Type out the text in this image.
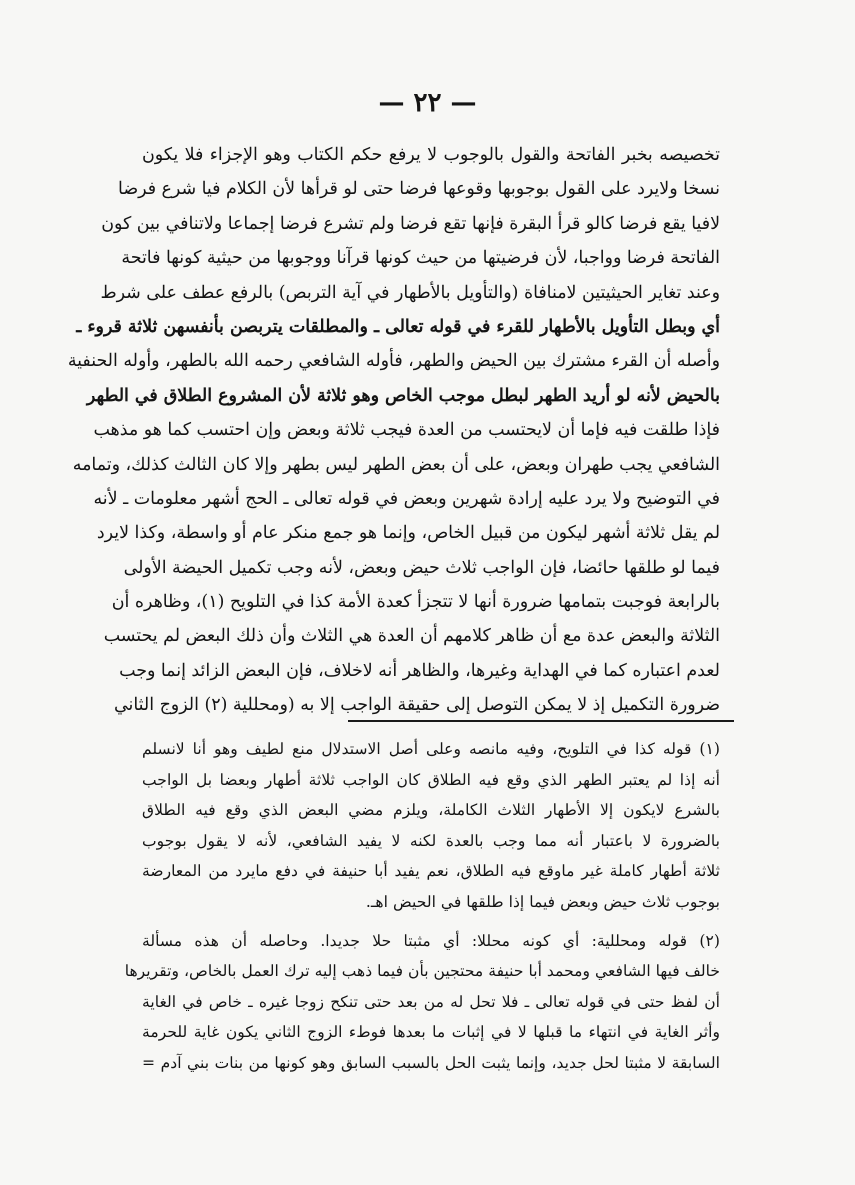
— ٢٢ —
تخصيصه بخبر الفاتحة والقول بالوجوب لا يرفع حكم الكتاب وهو الإجزاء فلا يكون
نسخا ولايرد على القول بوجوبها وقوعها فرضا حتى لو قرأها لأن الكلام فيا شرع فرضا
لافيا يقع فرضا كالو قرأ البقرة فإنها تقع فرضا ولم تشرع فرضا إجماعا ولاتنافي بين كون
الفاتحة فرضا وواجبا، لأن فرضيتها من حيث كونها قرآنا ووجوبها من حيثية كونها فاتحة
وعند تغاير الحيثيتين لامنافاة (والتأويل بالأطهار في آية التربص) بالرفع عطف على شرط
أي وبطل التأويل بالأطهار للقرء في قوله تعالى ـ والمطلقات يتربصن بأنفسهن ثلاثة قروء ـ
وأصله أن القرء مشترك بين الحيض والطهر، فأوله الشافعي رحمه الله بالطهر، وأوله الحنفية
بالحيض لأنه لو أريد الطهر لبطل موجب الخاص وهو ثلاثة لأن المشروع الطلاق في الطهر
فإذا طلقت فيه فإما أن لايحتسب من العدة فيجب ثلاثة وبعض وإن احتسب كما هو مذهب
الشافعي يجب طهران وبعض، على أن بعض الطهر ليس بطهر وإلا كان الثالث كذلك، وتمامه
في التوضيح ولا يرد عليه إرادة شهرين وبعض في قوله تعالى ـ الحج أشهر معلومات ـ لأنه
لم يقل ثلاثة أشهر ليكون من قبيل الخاص، وإنما هو جمع منكر عام أو واسطة، وكذا لايرد
فيما لو طلقها حائضا، فإن الواجب ثلاث حيض وبعض، لأنه وجب تكميل الحيضة الأولى
بالرابعة فوجبت بتمامها ضرورة أنها لا تتجزأ كعدة الأمة كذا في التلويح (١)، وظاهره أن
الثلاثة والبعض عدة مع أن ظاهر كلامهم أن العدة هي الثلاث وأن ذلك البعض لم يحتسب
لعدم اعتباره كما في الهداية وغيرها، والظاهر أنه لاخلاف، فإن البعض الزائد إنما وجب
ضرورة التكميل إذ لا يمكن التوصل إلى حقيقة الواجب إلا به (ومحللية (٢) الزوج الثاني
(١) قوله كذا في التلويح، وفيه مانصه وعلى أصل الاستدلال منع لطيف وهو أنا لانسلم
أنه إذا لم يعتبر الطهر الذي وقع فيه الطلاق كان الواجب ثلاثة أطهار وبعضا بل الواجب
بالشرع لايكون إلا الأطهار الثلاث الكاملة، ويلزم مضي البعض الذي وقع فيه الطلاق
بالضرورة لا باعتبار أنه مما وجب بالعدة لكنه لا يفيد الشافعي، لأنه لا يقول بوجوب
ثلاثة أطهار كاملة غير ماوقع فيه الطلاق، نعم يفيد أبا حنيفة في دفع مايرد من المعارضة
بوجوب ثلاث حيض وبعض فيما إذا طلقها في الحيض اهـ.
(٢) قوله ومحللية: أي كونه محللا: أي مثبتا حلا جديدا. وحاصله أن هذه مسألة
خالف فيها الشافعي ومحمد أبا حنيفة محتجين بأن فيما ذهب إليه ترك العمل بالخاص، وتقريرها
أن لفظ حتى في قوله تعالى ـ فلا تحل له من بعد حتى تنكح زوجا غيره ـ خاص في الغاية
وأثر الغاية في انتهاء ما قبلها لا في إثبات ما بعدها فوطء الزوج الثاني يكون غاية للحرمة
السابقة لا مثبتا لحل جديد، وإنما يثبت الحل بالسبب السابق وهو كونها من بنات بني آدم =
